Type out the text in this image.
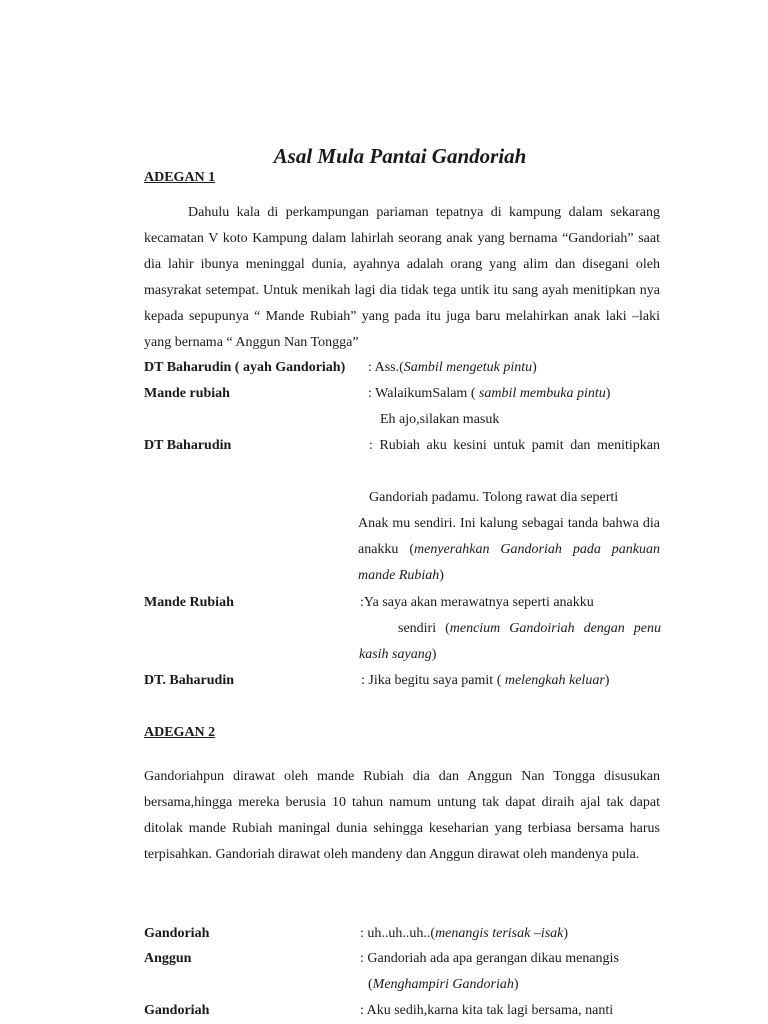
Asal Mula Pantai Gandoriah
ADEGAN 1
Dahulu kala di perkampungan pariaman tepatnya di kampung dalam sekarang kecamatan V koto Kampung dalam lahirlah seorang anak yang bernama “Gandoriah” saat dia lahir ibunya meninggal dunia, ayahnya adalah orang yang alim dan disegani oleh masyrakat setempat. Untuk menikah lagi dia tidak tega untik itu sang ayah menitipkan nya kepada sepupunya “ Mande Rubiah” yang pada itu juga baru melahirkan anak laki –laki yang bernama “ Anggun Nan Tongga”
DT Baharudin ( ayah Gandoriah) : Ass.(Sambil mengetuk pintu)
Mande rubiah	: WalaikumSalam ( sambil membuka pintu)
Eh ajo,silakan masuk
DT Baharudin	: Rubiah aku kesini untuk pamit dan menitipkan
Gandoriah padamu. Tolong rawat dia seperti
Anak mu sendiri. Ini kalung sebagai tanda bahwa dia anakku (menyerahkan Gandoriah pada pankuan mande Rubiah)
Mande Rubiah	:Ya saya akan merawatnya seperti anakku
sendiri (mencium Gandoiriah dengan penu kasih sayang)
DT. Baharudin	: Jika begitu saya pamit ( melengkah keluar)
ADEGAN 2
Gandoriahpun dirawat oleh mande Rubiah dia dan Anggun Nan Tongga disusukan bersama,hingga mereka berusia 10 tahun namum untung tak dapat diraih ajal tak dapat ditolak mande Rubiah maningal dunia sehingga keseharian yang terbiasa bersama harus terpisahkan. Gandoriah dirawat oleh mandeny dan Anggun dirawat oleh mandenya pula.
Gandoriah	: uh..uh..uh..(menangis terisak –isak)
Anggun	: Gandoriah ada apa gerangan dikau menangis
(Menghampiri Gandoriah)
Gandoriah	: Aku sedih,karna kita tak lagi bersama, nanti
